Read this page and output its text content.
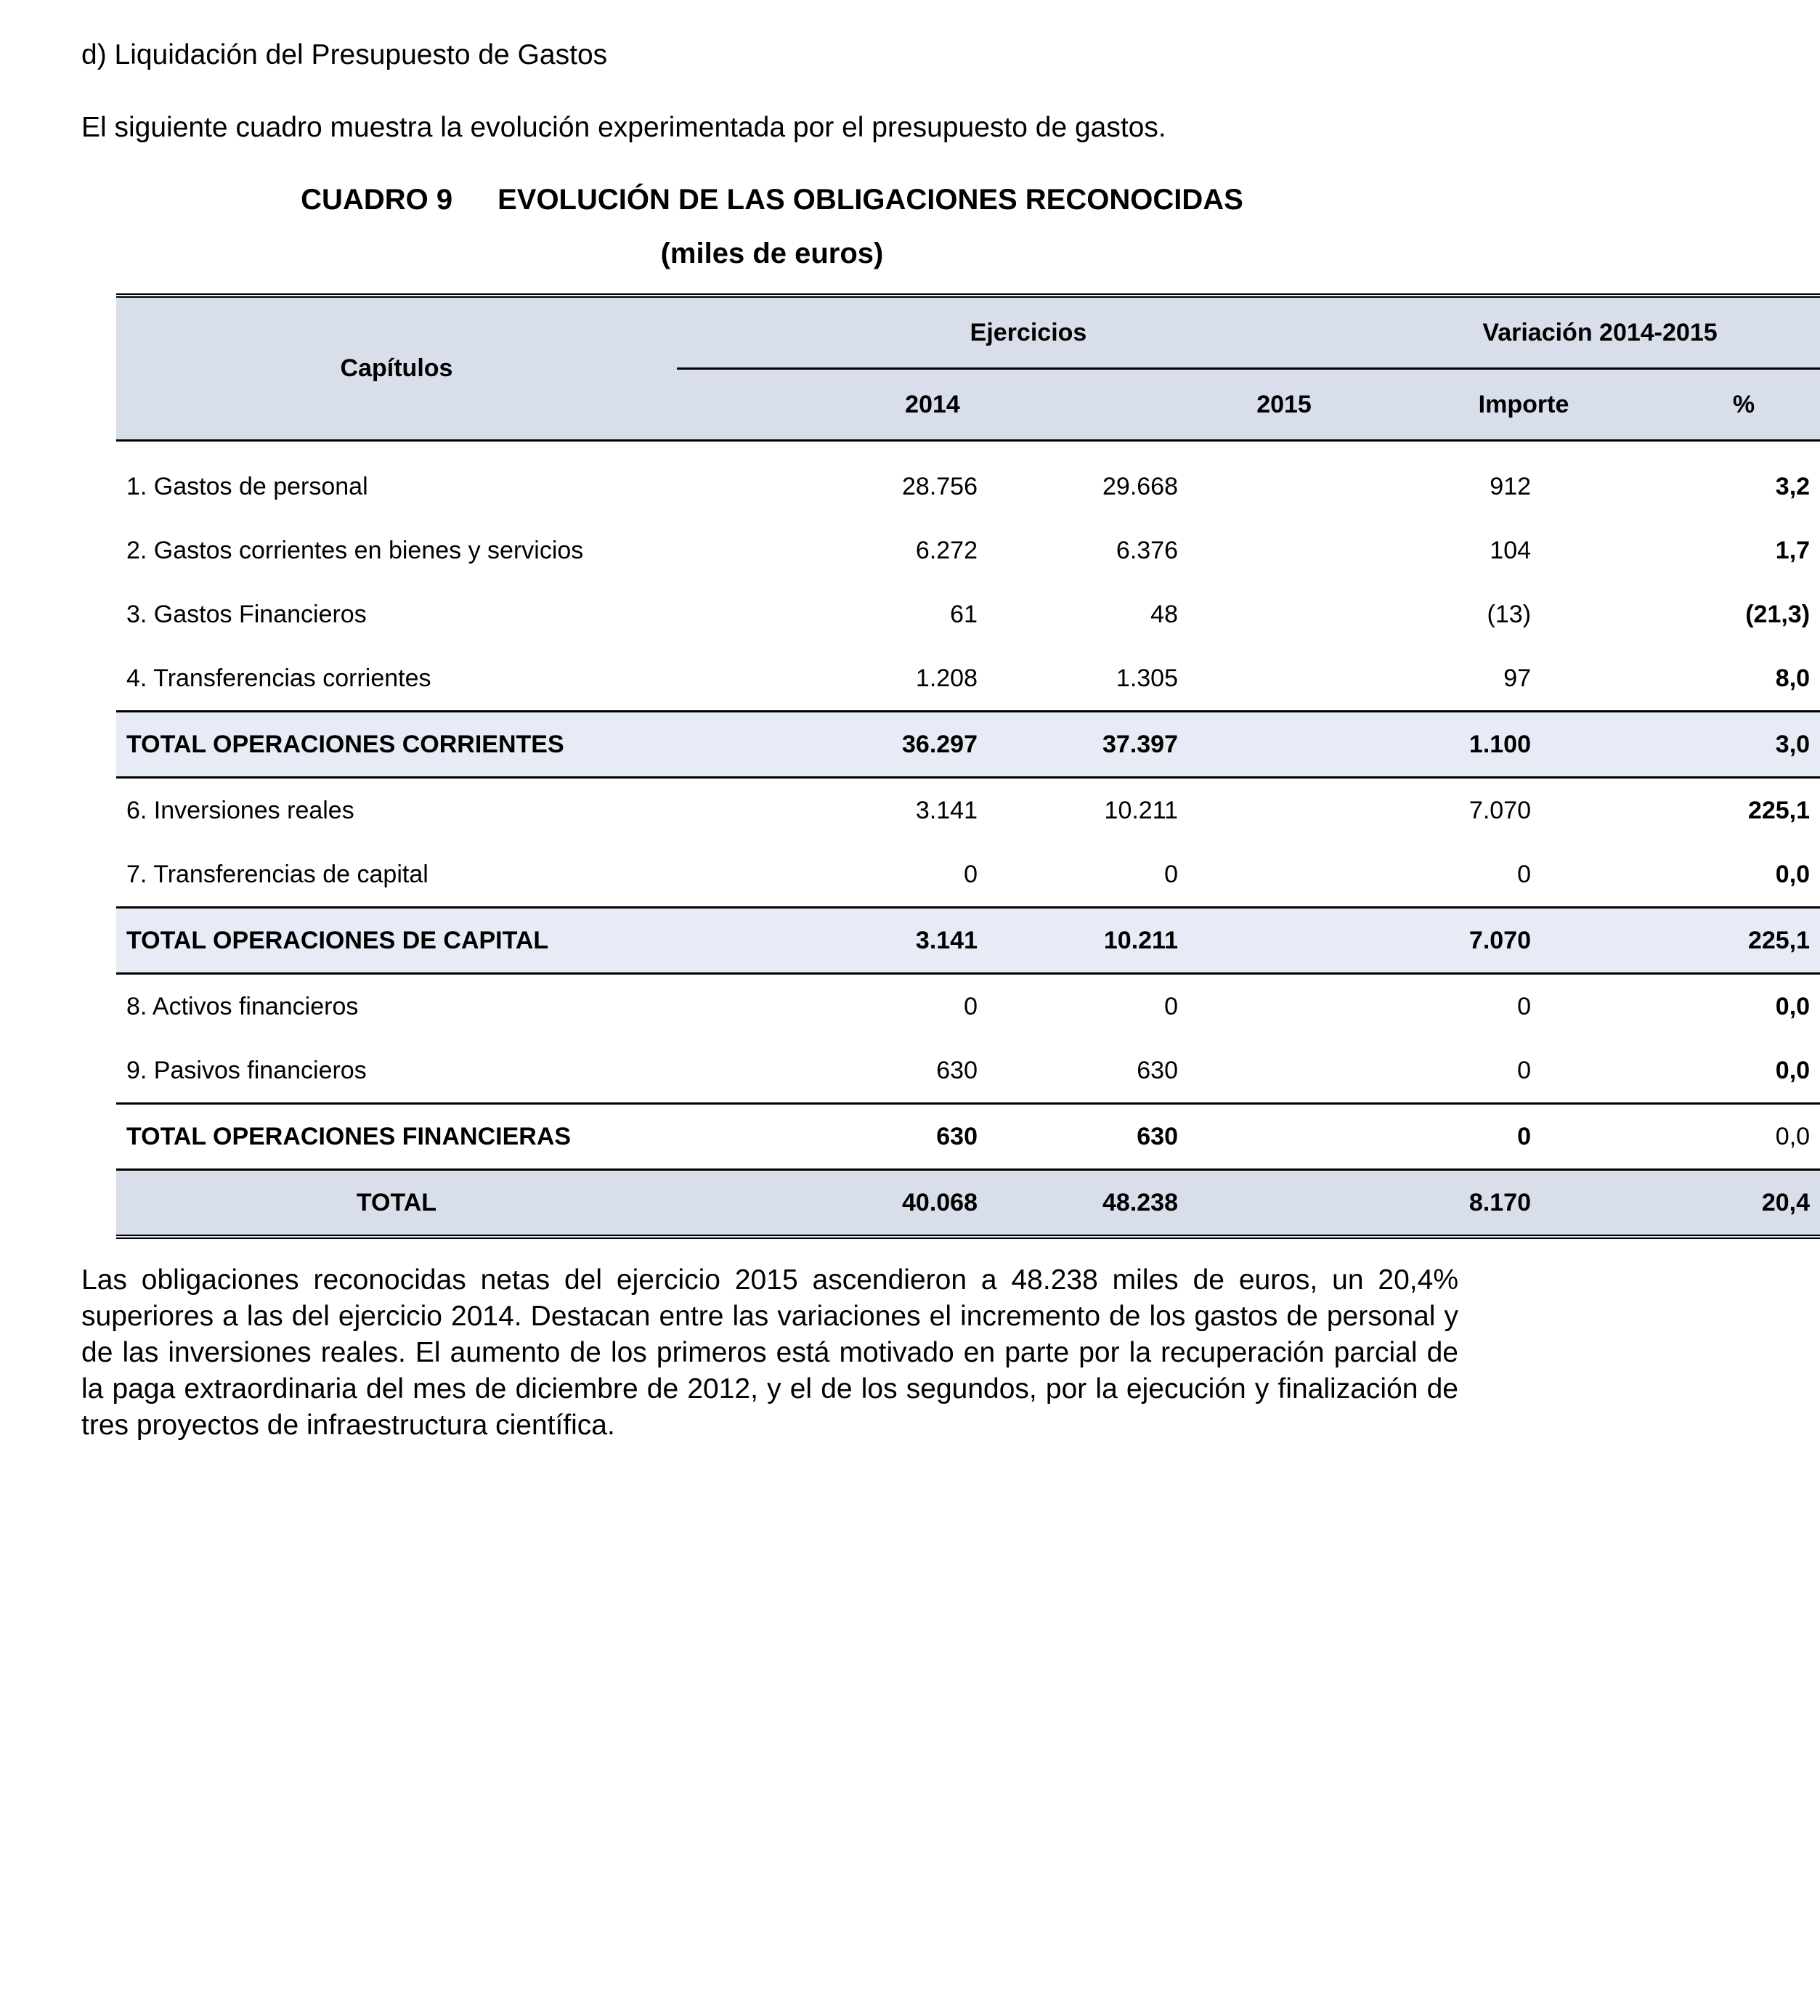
d) Liquidación del Presupuesto de Gastos
El siguiente cuadro muestra la evolución experimentada por el presupuesto de gastos.
CUADRO 9 EVOLUCIÓN DE LAS OBLIGACIONES RECONOCIDAS
(miles de euros)
Capítulos	Ejercicios			Variación 2014-2015		
	2014		2015	Importe		%
1. Gastos de personal	28.756	29.668	912		3,2	
2. Gastos corrientes en bienes y servicios	6.272	6.376	104		1,7	
3. Gastos Financieros	61	48	(13)		(21,3)	
4. Transferencias corrientes	1.208	1.305	97		8,0	
TOTAL OPERACIONES CORRIENTES	36.297	37.397	1.100		3,0	
6. Inversiones reales	3.141	10.211	7.070		225,1	
7. Transferencias de capital	0	0	0		0,0	
TOTAL OPERACIONES DE CAPITAL	3.141	10.211	7.070		225,1	
8. Activos financieros	0	0	0		0,0	
9. Pasivos financieros	630	630	0		0,0	
TOTAL OPERACIONES FINANCIERAS	630	630	0		0,0	
TOTAL	40.068	48.238	8.170		20,4	
Las obligaciones reconocidas netas del ejercicio 2015 ascendieron a 48.238 miles de euros, un 20,4% superiores a las del ejercicio 2014. Destacan entre las variaciones el incremento de los gastos de personal y de las inversiones reales. El aumento de los primeros está motivado en parte por la recuperación parcial de la paga extraordinaria del mes de diciembre de 2012, y el de los segundos, por la ejecución y finalización de tres proyectos de infraestructura científica.
